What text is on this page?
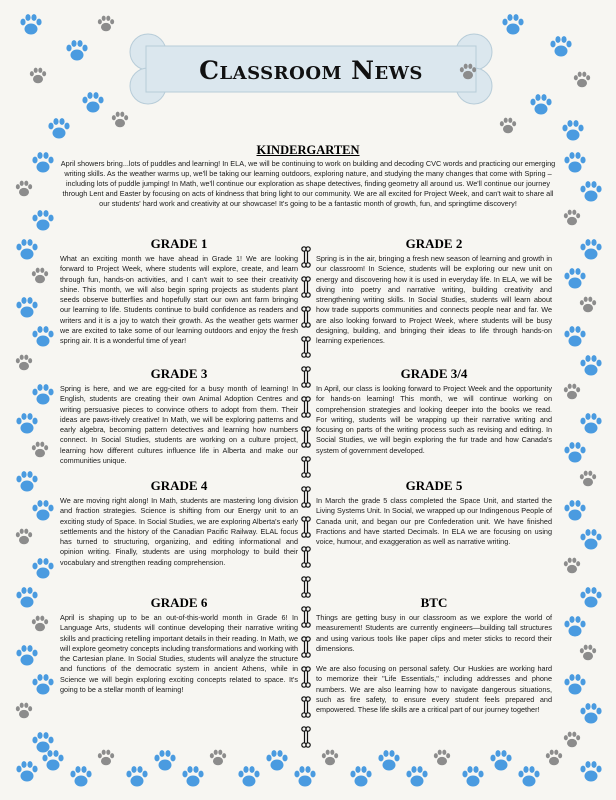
Classroom News
KINDERGARTEN
April showers bring...lots of puddles and learning! In ELA, we will be continuing to work on building and decoding CVC words and practicing our emerging writing skills. As the weather warms up, we'll be taking our learning outdoors, exploring nature, and studying the many changes that come with Spring – including lots of puddle jumping! In Math, we'll continue our exploration as shape detectives, finding geometry all around us. We'll continue our journey through Lent and Easter by focusing on acts of kindness that bring light to our community. We are all excited for Project Week, and can't wait to share all our students' hard work and creativity at our showcase! It's going to be a fantastic month of growth, fun, and springtime discovery!
GRADE 1
What an exciting month we have ahead in Grade 1! We are looking forward to Project Week, where students will explore, create, and learn through fun, hands-on activities, and I can't wait to see their creativity shine. This month, we will also begin spring projects as students plant seeds observe butterflies and hopefully start our own ant farm bringing our learning to life. Students continue to build confidence as readers and writers and it is a joy to watch their growth. As the weather gets warmer we are excited to take some of our learning outdoors and enjoy the fresh spring air. It is a wonderful time of year!
GRADE 2
Spring is in the air, bringing a fresh new season of learning and growth in our classroom! In Science, students will be exploring our new unit on energy and discovering how it is used in everyday life. In ELA, we will be diving into poetry and narrative writing, building creativity and strengthening writing skills. In Social Studies, students will learn about how trade supports communities and connects people near and far. We are also looking forward to Project Week, where students will be busy designing, building, and bringing their ideas to life through hands-on learning experiences.
GRADE 3
Spring is here, and we are egg-cited for a busy month of learning! In English, students are creating their own Animal Adoption Centres and writing persuasive pieces to convince others to adopt from them. Their ideas are paws-itively creative! In Math, we will be exploring patterns and early algebra, becoming pattern detectives and learning how numbers connect. In Social Studies, students are working on a culture project, learning how different cultures influence life in Alberta and make our communities unique.
GRADE 3/4
In April, our class is looking forward to Project Week and the opportunity for hands-on learning! This month, we will continue working on comprehension strategies and looking deeper into the books we read. For writing, students will be wrapping up their narrative writing and focusing on parts of the writing process such as revising and editing. In Social Studies, we will begin exploring the fur trade and how Canada's system of government developed.
GRADE 4
We are moving right along! In Math, students are mastering long division and fraction strategies. Science is shifting from our Energy unit to an exciting study of Space. In Social Studies, we are exploring Alberta's early settlements and the history of the Canadian Pacific Railway. ELAL focus has turned to structuring, organizing, and editing informational and opinion writing. Finally, students are using morphology to build their vocabulary and strengthen reading comprehension.
GRADE 5
In March the grade 5 class completed the Space Unit, and started the Living Systems Unit. In Social, we wrapped up our Indingenous People of Canada unit, and began our pre Confederation unit. We have finished Fractions and have started Decimals. In ELA we are focusing on using voice, humour, and exaggeration as well as narrative writing.
GRADE 6
April is shaping up to be an out-of-this-world month in Grade 6! In Language Arts, students will continue developing their narrative writing skills and practicing retelling important details in their reading. In Math, we will explore geometry concepts including transformations and working with the Cartesian plane. In Social Studies, students will analyze the structure and functions of the democratic system in ancient Athens, while in Science we will begin exploring exciting concepts related to space. It's going to be a stellar month of learning!
BTC
Things are getting busy in our classroom as we explore the world of measurement! Students are currently engineers—building tall structures and using various tools like paper clips and meter sticks to record their dimensions.
We are also focusing on personal safety. Our Huskies are working hard to memorize their "Life Essentials," including addresses and phone numbers. We are also learning how to navigate dangerous situations, such as fire safety, to ensure every student feels prepared and empowered. These life skills are a critical part of our journey together!
